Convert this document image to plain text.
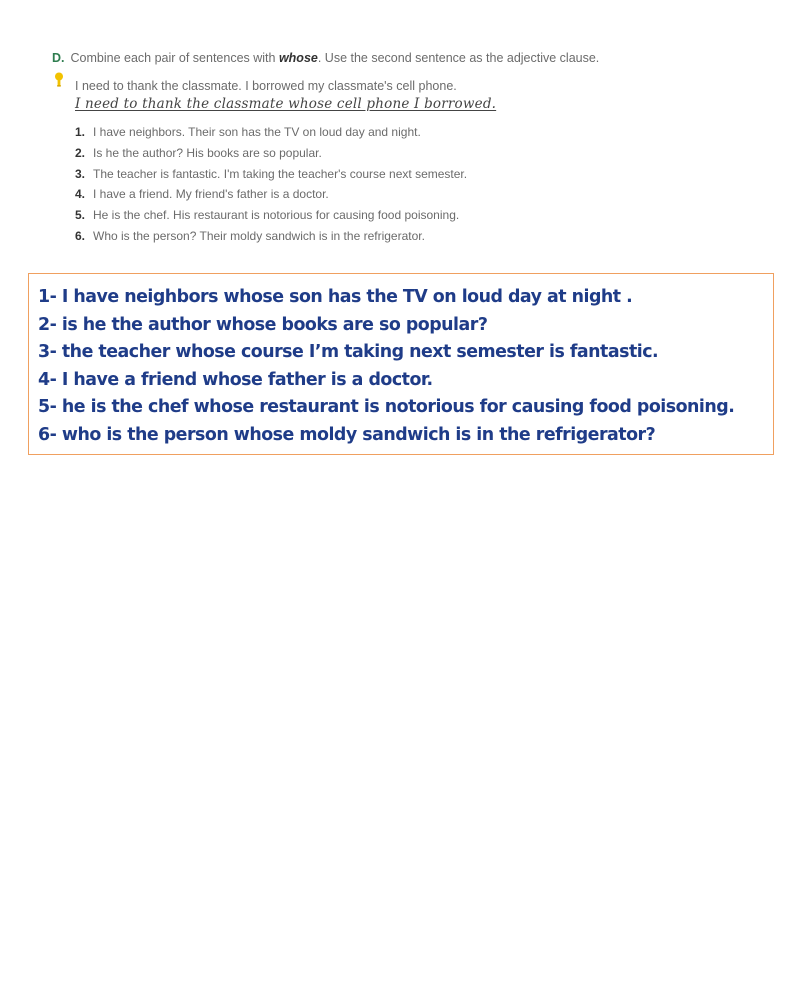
D. Combine each pair of sentences with whose. Use the second sentence as the adjective clause.
I need to thank the classmate. I borrowed my classmate's cell phone.
I need to thank the classmate whose cell phone I borrowed.
1. I have neighbors. Their son has the TV on loud day and night.
2. Is he the author? His books are so popular.
3. The teacher is fantastic. I'm taking the teacher's course next semester.
4. I have a friend. My friend's father is a doctor.
5. He is the chef. His restaurant is notorious for causing food poisoning.
6. Who is the person? Their moldy sandwich is in the refrigerator.
1- I have neighbors whose son has the TV on loud day at night .
2- is he the author whose books are so popular?
3- the teacher whose course I’m taking next semester is fantastic.
4- I have a friend whose father is a doctor.
5- he is the chef whose restaurant is notorious for causing food poisoning.
6- who is the person whose moldy sandwich is in the refrigerator?
